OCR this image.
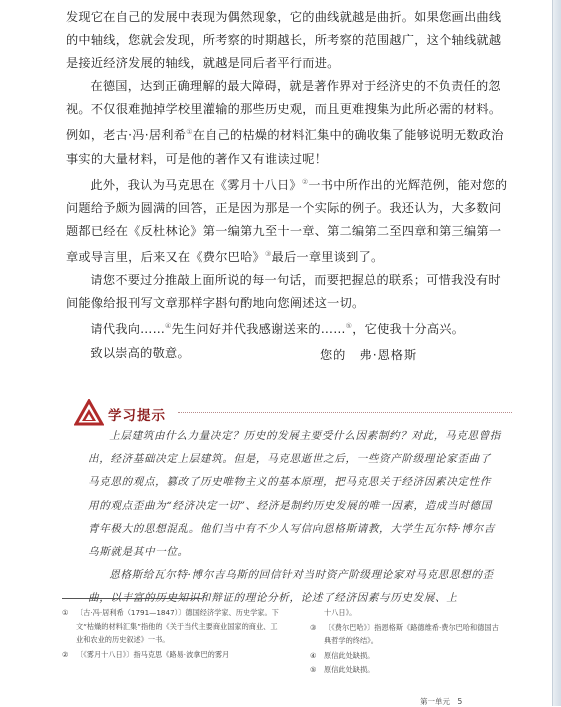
发现它在自己的发展中表现为偶然现象，它的曲线就越是曲折。如果您画出曲线的中轴线，您就会发现，所考察的时期越长，所考察的范围越广，这个轴线就越是接近经济发展的轴线，就越是同后者平行而进。

在德国，达到正确理解的最大障碍，就是著作界对于经济史的不负责任的忽视。不仅很难抛掉学校里灌输的那些历史观，而且更难搜集为此所必需的材料。例如，老古·冯·居利希①在自己的枯燥的材料汇集中的确收集了能够说明无数政治事实的大量材料，可是他的著作又有谁读过呢！

此外，我认为马克思在《雾月十八日》②一书中所作出的光辉范例，能对您的问题给予颇为圆满的回答，正是因为那是一个实际的例子。我还认为，大多数问题都已经在《反杜林论》第一编第九至十一章、第二编第二至四章和第三编第一章或导言里，后来又在《费尔巴哈》③最后一章里谈到了。

请您不要过分推敲上面所说的每一句话，而要把握总的联系；可惜我没有时间能像给报刊写文章那样字斟句酌地向您阐述这一切。

请代我向……④先生问好并代我感谢送来的……⑤，它使我十分高兴。

致以崇高的敬意。	您的　弗·恩格斯
学习提示

上层建筑由什么力量决定？历史的发展主要受什么因素制约？对此，马克思曾指出，经济基础决定上层建筑。但是，马克思逝世之后，一些资产阶级理论家歪曲了马克思的观点，篡改了历史唯物主义的基本原理，把马克思关于经济因素决定性作用的观点歪曲为“经济决定一切”、经济是制约历史发展的唯一因素，造成当时德国青年极大的思想混乱。他们当中有不少人写信向恩格斯请教，大学生瓦尔特·博尔吉乌斯就是其中一位。

恩格斯给瓦尔特·博尔吉乌斯的回信针对当时资产阶级理论家对马克思思想的歪曲，以丰富的历史知识和辩证的理论分析，论述了经济因素与历史发展、上

①	〔古·冯·居利希（1791—1847）〕德国经济学家、历史学家。下文“枯燥的材料汇集”指他的《关于当代主要商业国家的商业、工业和农业的历史叙述》一书。
②	〔《雾月十八日》〕指马克思《路易·波拿巴的雾月
十八日》。
③	〔《费尔巴哈》〕指恩格斯《路德维希·费尔巴哈和德国古典哲学的终结》。
④	原信此处缺损。
⑤	原信此处缺损。
第一单元　5
